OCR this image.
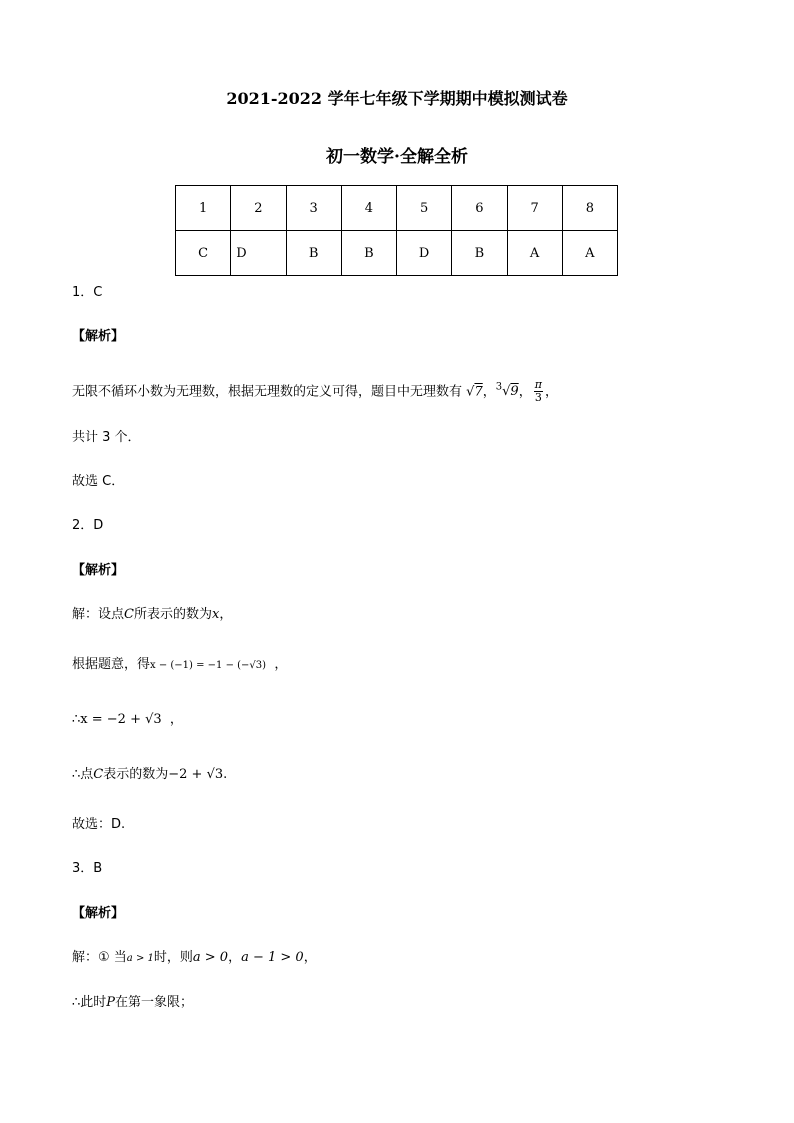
2021-2022 学年七年级下学期期中模拟测试卷
初一数学·全解全析
1	2	3	4	5	6	7	8
C	D	B	B	D	B	A	A
1．C
【解析】
无限不循环小数为无理数，根据无理数的定义可得，题目中无理数有 √7，$^3$√9， $\frac{\pi}{3}$ ，
共计 3 个．
故选 C．
2．D
【解析】
解：设点C所表示的数为x，
根据题意，得x − (−1) = −1 − (−√3) ，
∴x = −2 + √3 ，
∴点C表示的数为−2 + √3.
故选：D.
3．B
【解析】
解：① 当a > 1时，则a > 0，a − 1 > 0，
∴此时P在第一象限；
